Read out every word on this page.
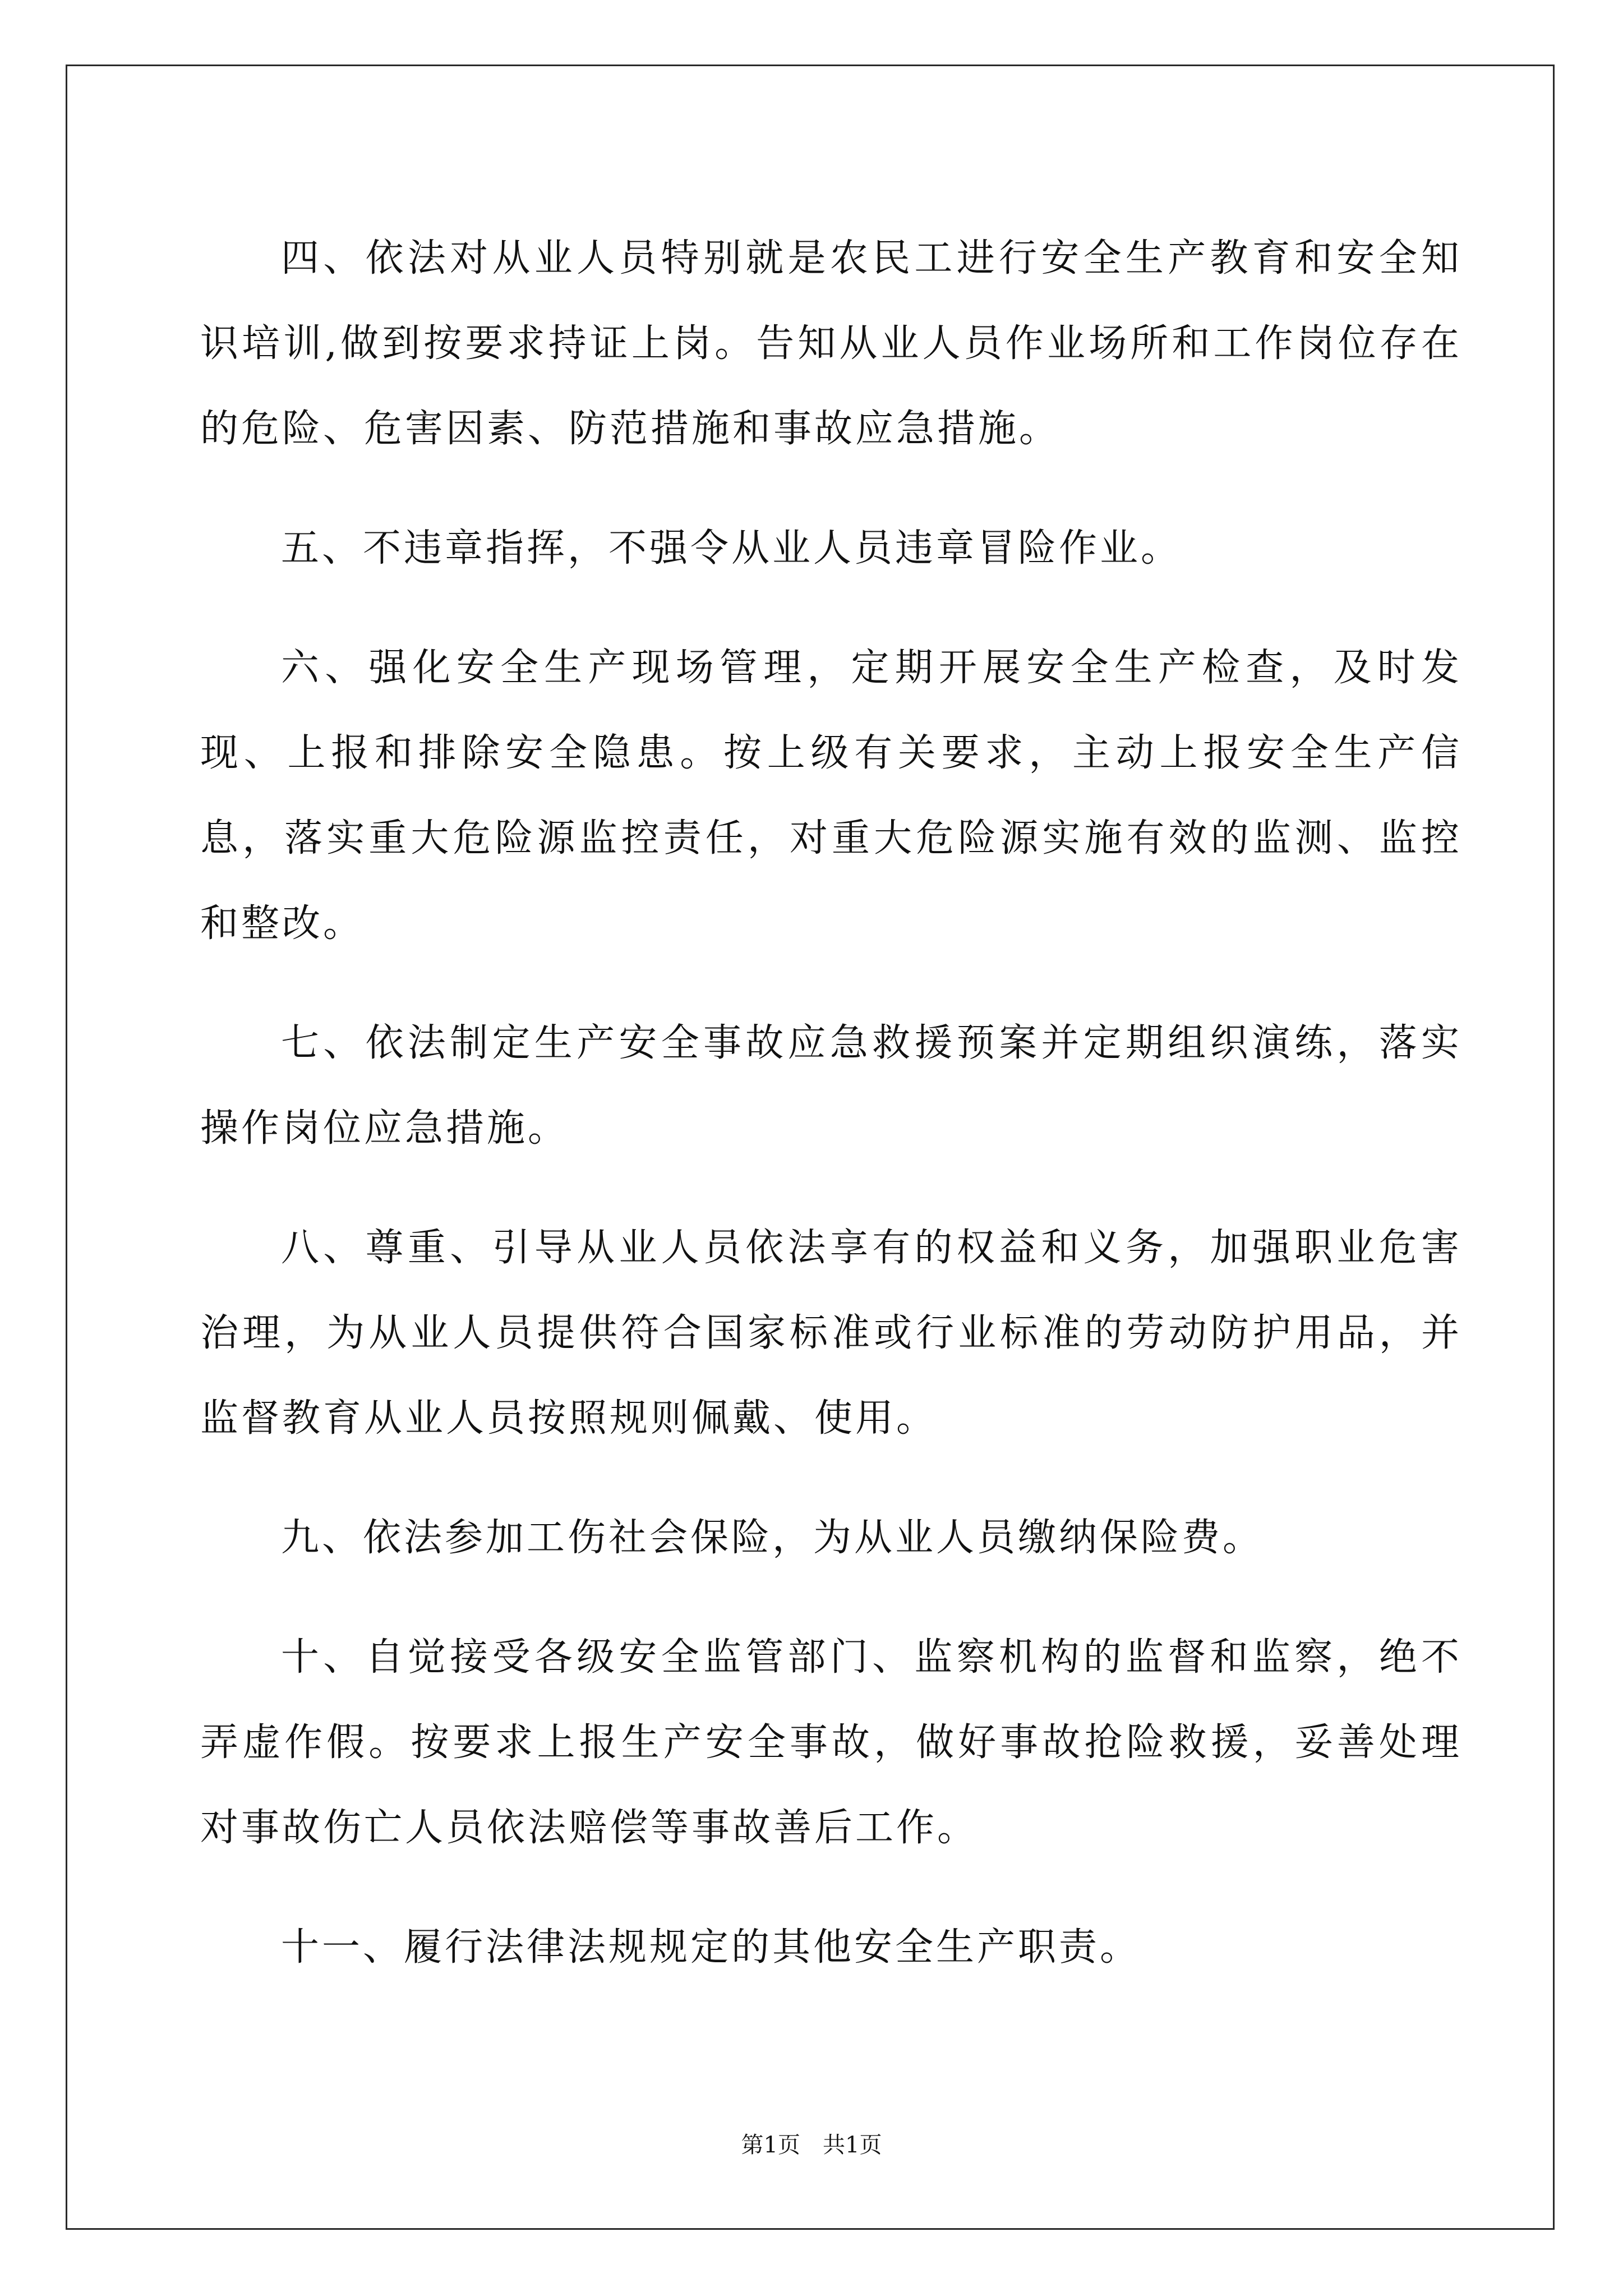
四、依法对从业人员特别就是农民工进行安全生产教育和安全知识培训,做到按要求持证上岗。告知从业人员作业场所和工作岗位存在的危险、危害因素、防范措施和事故应急措施。

五、不违章指挥，不强令从业人员违章冒险作业。

六、强化安全生产现场管理，定期开展安全生产检查，及时发现、上报和排除安全隐患。按上级有关要求，主动上报安全生产信息，落实重大危险源监控责任，对重大危险源实施有效的监测、监控和整改。

七、依法制定生产安全事故应急救援预案并定期组织演练，落实操作岗位应急措施。

八、尊重、引导从业人员依法享有的权益和义务，加强职业危害治理，为从业人员提供符合国家标准或行业标准的劳动防护用品，并监督教育从业人员按照规则佩戴、使用。

九、依法参加工伤社会保险，为从业人员缴纳保险费。

十、自觉接受各级安全监管部门、监察机构的监督和监察，绝不弄虚作假。按要求上报生产安全事故，做好事故抢险救援，妥善处理对事故伤亡人员依法赔偿等事故善后工作。

十一、履行法律法规规定的其他安全生产职责。

第1页　共1页
